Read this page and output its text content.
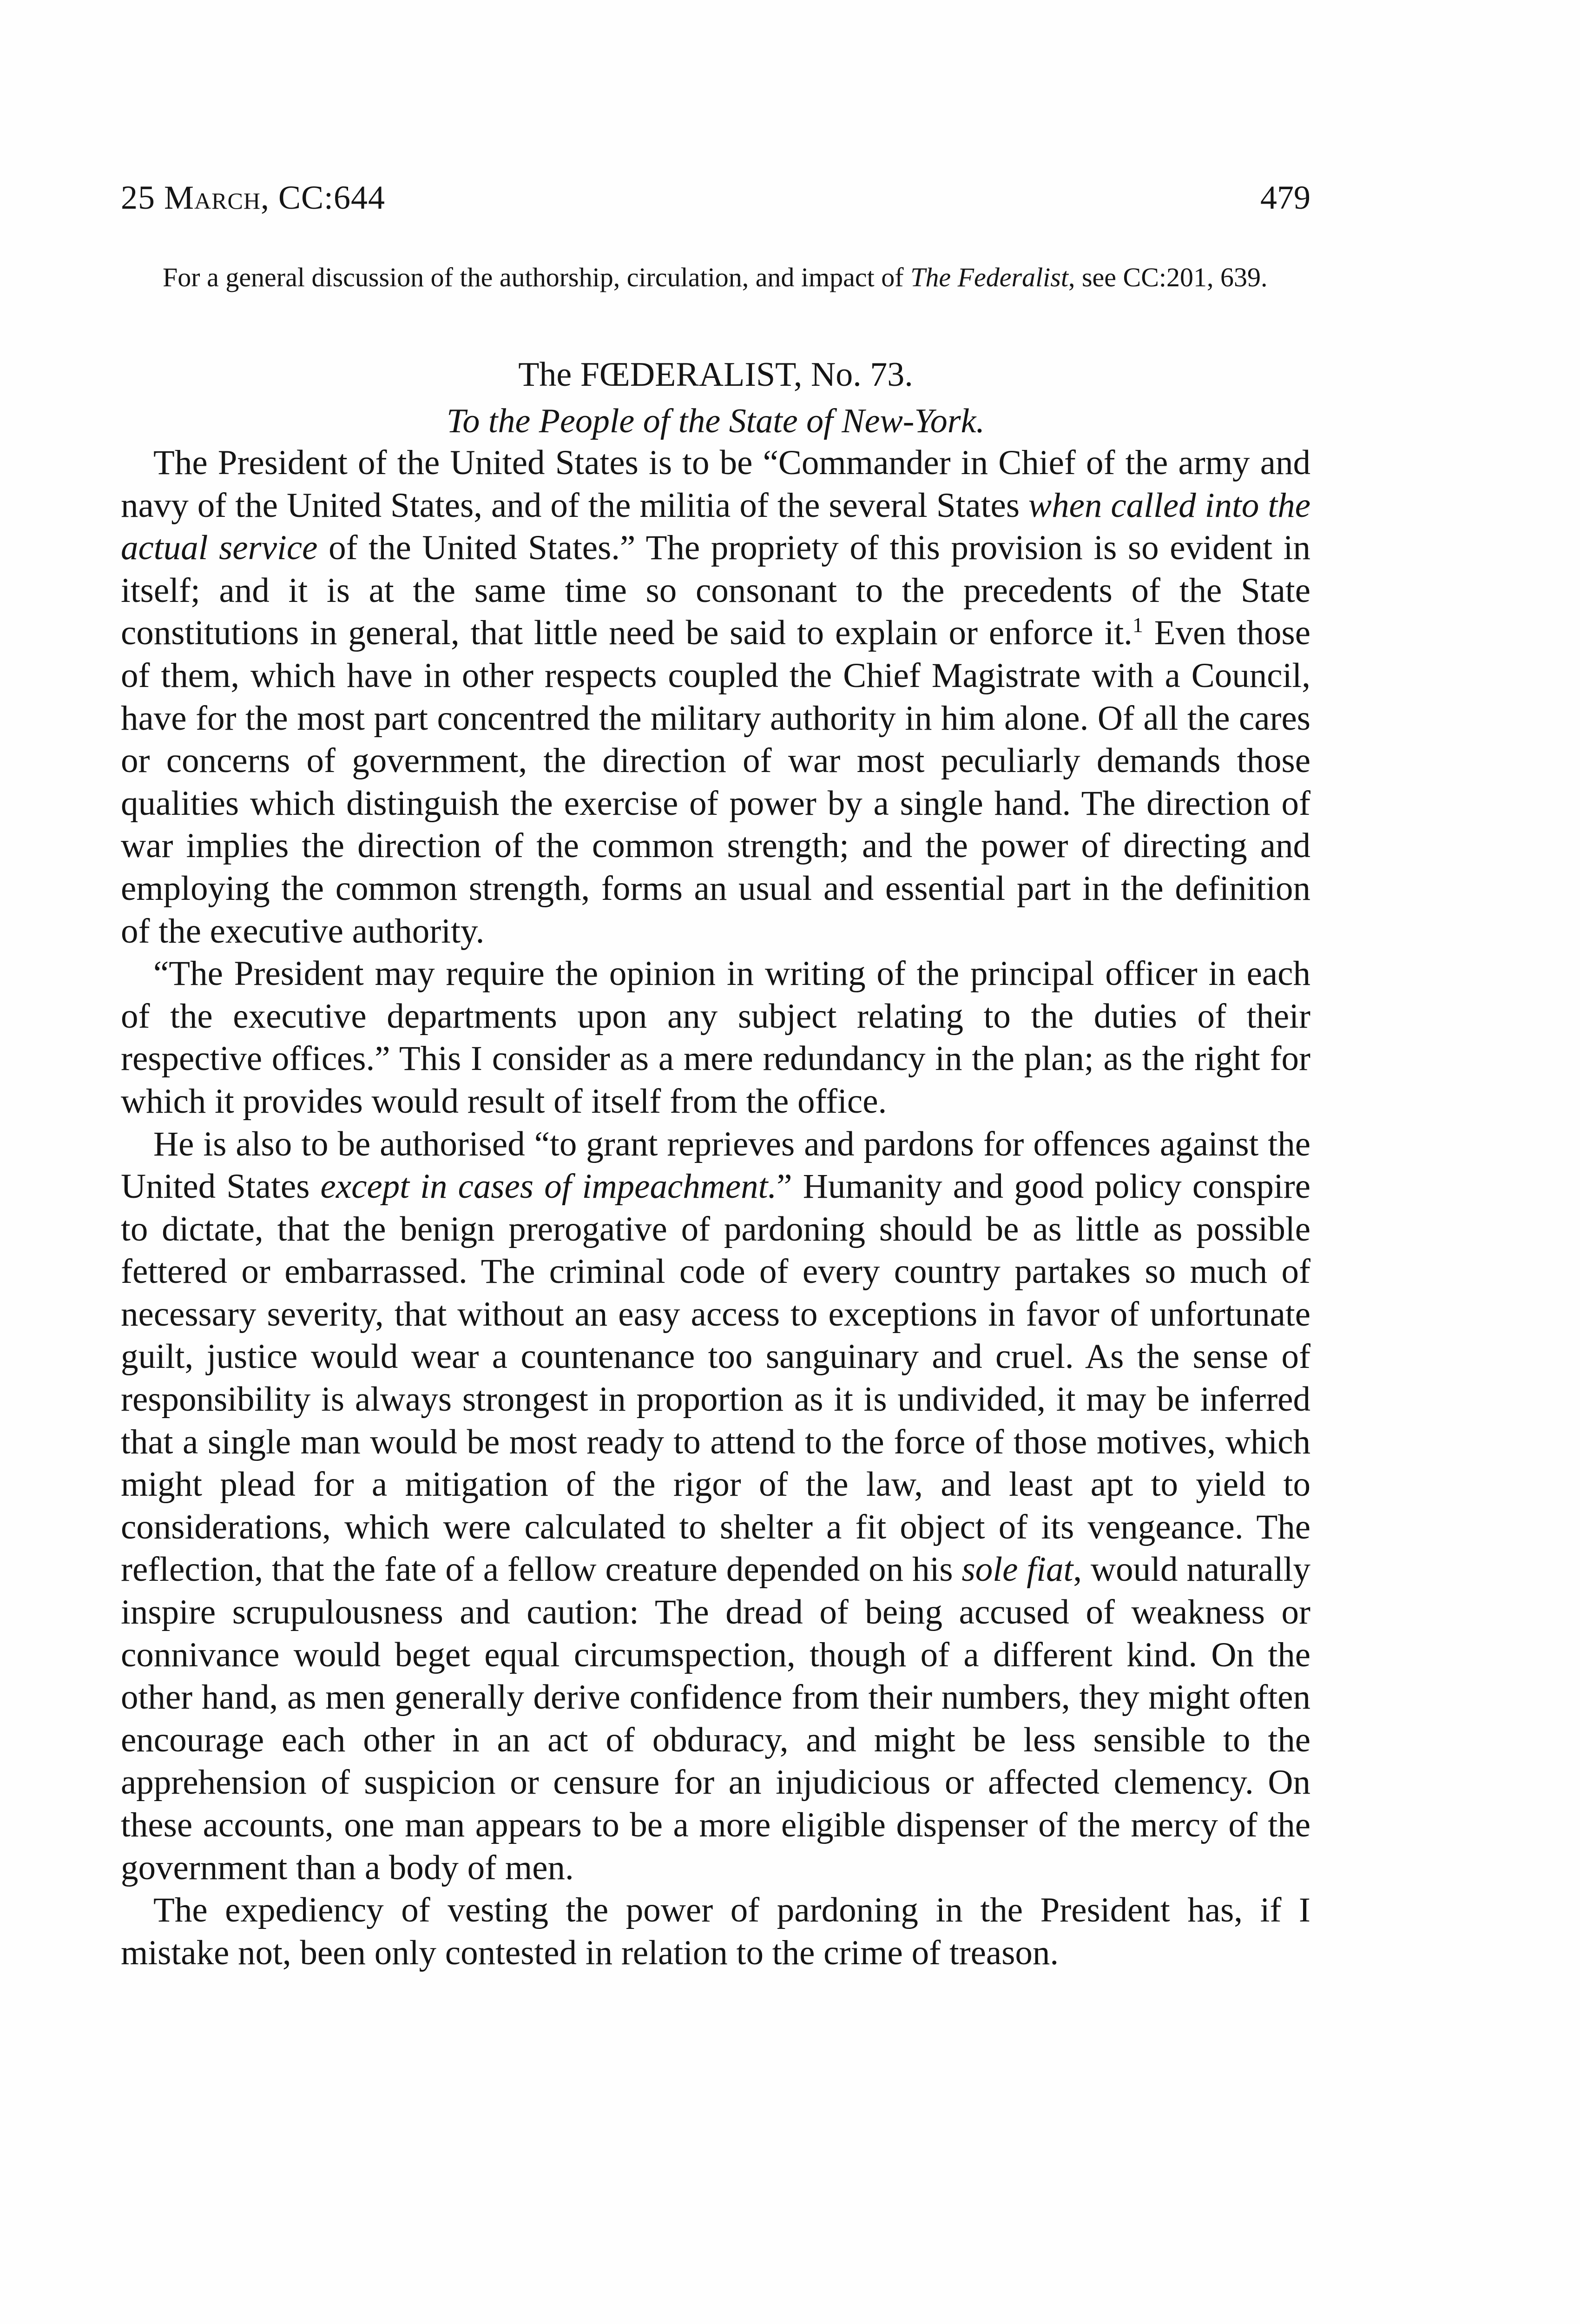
25 March, CC:644	479

For a general discussion of the authorship, circulation, and impact of The Federalist, see CC:201, 639.

The FŒDERALIST, No. 73.

To the People of the State of New-York.

The President of the United States is to be “Commander in Chief of the army and navy of the United States, and of the militia of the several States when called into the actual service of the United States.” The propriety of this provision is so evident in itself; and it is at the same time so consonant to the precedents of the State constitutions in general, that little need be said to explain or enforce it.$^1$ Even those of them, which have in other respects coupled the Chief Magistrate with a Council, have for the most part concentred the military authority in him alone. Of all the cares or concerns of government, the direction of war most peculiarly demands those qualities which distinguish the exercise of power by a single hand. The direction of war implies the direction of the common strength; and the power of directing and employing the common strength, forms an usual and essential part in the definition of the executive authority.

“The President may require the opinion in writing of the principal officer in each of the executive departments upon any subject relating to the duties of their respective offices.” This I consider as a mere redundancy in the plan; as the right for which it provides would result of itself from the office.

He is also to be authorised “to grant reprieves and pardons for offences against the United States except in cases of impeachment.” Humanity and good policy conspire to dictate, that the benign prerogative of pardoning should be as little as possible fettered or embarrassed. The criminal code of every country partakes so much of necessary severity, that without an easy access to exceptions in favor of unfortunate guilt, justice would wear a countenance too sanguinary and cruel. As the sense of responsibility is always strongest in proportion as it is undivided, it may be inferred that a single man would be most ready to attend to the force of those motives, which might plead for a mitigation of the rigor of the law, and least apt to yield to considerations, which were calculated to shelter a fit object of its vengeance. The reflection, that the fate of a fellow creature depended on his sole fiat, would naturally inspire scrupulousness and caution: The dread of being accused of weakness or connivance would beget equal circumspection, though of a different kind. On the other hand, as men generally derive confidence from their numbers, they might often encourage each other in an act of obduracy, and might be less sensible to the apprehension of suspicion or censure for an injudicious or affected clemency. On these accounts, one man appears to be a more eligible dispenser of the mercy of the government than a body of men.

The expediency of vesting the power of pardoning in the President has, if I mistake not, been only contested in relation to the crime of treason.
